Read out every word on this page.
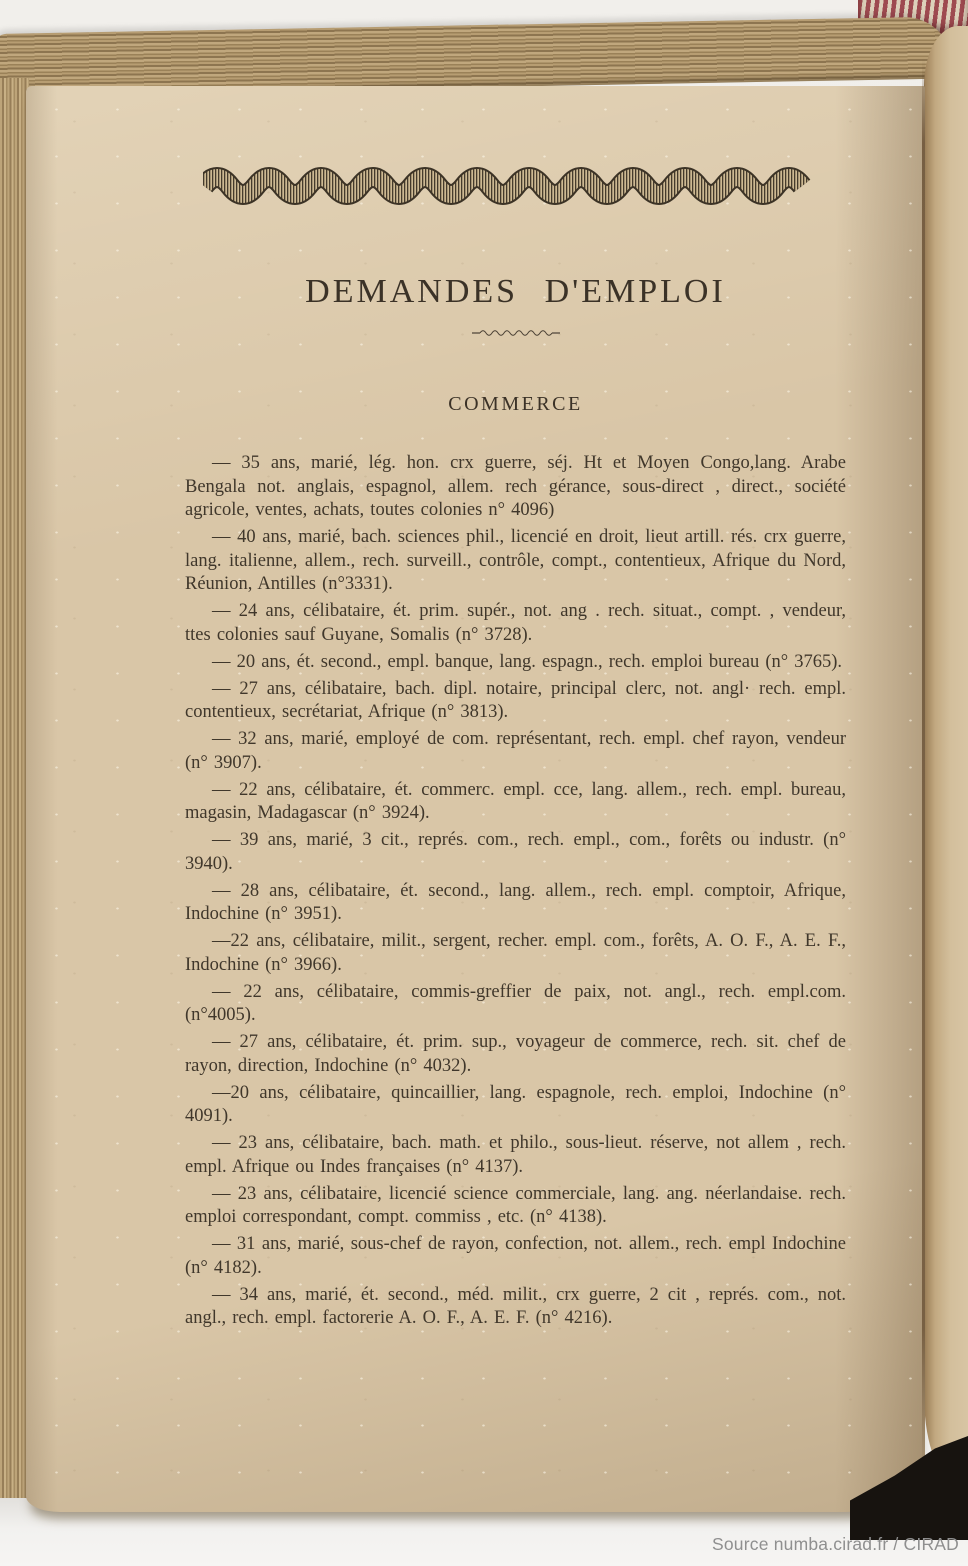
DEMANDES D'EMPLOI
COMMERCE

— 35 ans, marié, lég. hon. crx guerre, séj. Ht et Moyen Congo,lang. Arabe Bengala not. anglais, espagnol, allem. rech gérance, sous-direct , direct., société agricole, ventes, achats, toutes colonies n° 4096)

— 40 ans, marié, bach. sciences phil., licencié en droit, lieut artill. rés. crx guerre, lang. italienne, allem., rech. surveill., contrôle, compt., contentieux, Afrique du Nord, Réunion, Antilles (n°3331).

— 24 ans, célibataire, ét. prim. supér., not. ang . rech. situat., compt. , vendeur, ttes colonies sauf Guyane, Somalis (n° 3728).

— 20 ans, ét. second., empl. banque, lang. espagn., rech. emploi bureau (n° 3765).

— 27 ans, célibataire, bach. dipl. notaire, principal clerc, not. angl· rech. empl. contentieux, secrétariat, Afrique (n° 3813).

— 32 ans, marié, employé de com. représentant, rech. empl. chef rayon, vendeur (n° 3907).

— 22 ans, célibataire, ét. commerc. empl. cce, lang. allem., rech. empl. bureau, magasin, Madagascar (n° 3924).

— 39 ans, marié, 3 cit., représ. com., rech. empl., com., forêts ou industr. (n° 3940).

— 28 ans, célibataire, ét. second., lang. allem., rech. empl. comptoir, Afrique, Indochine (n° 3951).

—22 ans, célibataire, milit., sergent, recher. empl. com., forêts, A. O. F., A. E. F., Indochine (n° 3966).

— 22 ans, célibataire, commis-greffier de paix, not. angl., rech. empl.com. (n°4005).

— 27 ans, célibataire, ét. prim. sup., voyageur de commerce, rech. sit. chef de rayon, direction, Indochine (n° 4032).

—20 ans, célibataire, quincaillier, lang. espagnole, rech. emploi, Indochine (n° 4091).

— 23 ans, célibataire, bach. math. et philo., sous-lieut. réserve, not allem , rech. empl. Afrique ou Indes françaises (n° 4137).

— 23 ans, célibataire, licencié science commerciale, lang. ang. néerlandaise. rech. emploi correspondant, compt. commiss , etc. (n° 4138).

— 31 ans, marié, sous-chef de rayon, confection, not. allem., rech. empl Indochine (n° 4182).

— 34 ans, marié, ét. second., méd. milit., crx guerre, 2 cit , représ. com., not. angl., rech. empl. factorerie A. O. F., A. E. F. (n° 4216).

Source numba.cirad.fr / CIRAD
